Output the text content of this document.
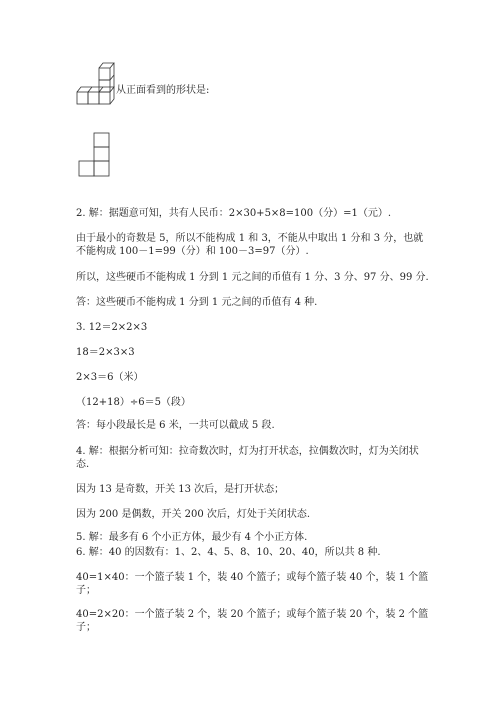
从正面看到的形状是:
2. 解：据题意可知，共有人民币：2×30+5×8=100（分）=1（元）.
由于最小的奇数是 5，所以不能构成 1 和 3，不能从中取出 1 分和 3 分，也就不能构成 100－1=99（分）和 100－3=97（分）.
所以，这些硬币不能构成 1 分到 1 元之间的币值有 1 分、3 分、97 分、99 分.
答：这些硬币不能构成 1 分到 1 元之间的币值有 4 种.
3. 12＝2×2×3
18＝2×3×3
2×3＝6（米）
（12+18）÷6＝5（段）
答：每小段最长是 6 米，一共可以截成 5 段.
4. 解：根据分析可知：拉奇数次时，灯为打开状态，拉偶数次时，灯为关闭状态.
因为 13 是奇数，开关 13 次后，是打开状态；
因为 200 是偶数，开关 200 次后，灯处于关闭状态.
5. 解：最多有 6 个小正方体，最少有 4 个小正方体.
6. 解：40 的因数有：1、2、4、5、8、10、20、40，所以共 8 种.
40=1×40：一个篮子装 1 个，装 40 个篮子；或每个篮子装 40 个，装 1 个篮子；
40=2×20：一个篮子装 2 个，装 20 个篮子；或每个篮子装 20 个，装 2 个篮子；
